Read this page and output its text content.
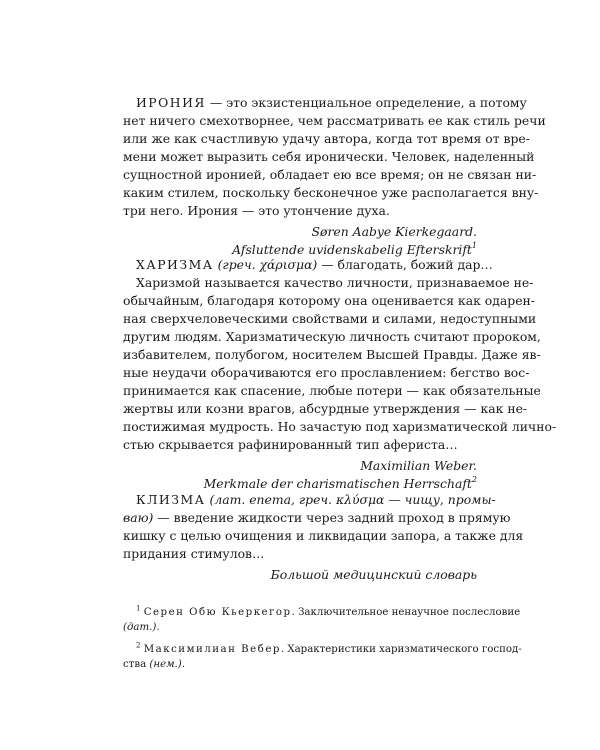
ИРОНИЯ — это экзистенциальное определение, а потому
нет ничего смехотворнее, чем рассматривать ее как стиль речи
или же как счастливую удачу автора, когда тот время от вре-
мени может выразить себя иронически. Человек, наделенный
сущностной иронией, обладает ею все время; он не связан ни-
каким стилем, поскольку бесконечное уже располагается вну-
три него. Ирония — это утончение духа.
Søren Aabye Kierkegaard.
Afsluttende uvidenskabelig Efterskrift$^1$
ХАРИЗМА (греч. χάρισμα) — благодать, божий дар…
Харизмой называется качество личности, признаваемое не-
обычайным, благодаря которому она оценивается как одарен-
ная сверхчеловеческими свойствами и силами, недоступными
другим людям. Харизматическую личность считают пророком,
избавителем, полубогом, носителем Высшей Правды. Даже яв-
ные неудачи оборачиваются его прославлением: бегство вос-
принимается как спасение, любые потери — как обязательные
жертвы или козни врагов, абсурдные утверждения — как не-
постижимая мудрость. Но зачастую под харизматической лично-
стью скрывается рафинированный тип аферистa…
Maximilian Weber.
Merkmale der charismatischen Herrschaft$^2$
КЛИЗМА (лат. enema, греч. κλύσμα — чищу, промы-
ваю) — введение жидкости через задний проход в прямую
кишку с целью очищения и ликвидации запора, а также для
придания стимулов…
Большой медицинский словарь
$^1$ Серен Обю Кьеркегор. Заключительное ненаучное послесловие
(дат.).
$^2$ Максимилиан Вебер. Характеристики харизматического господ-
ства (нем.).
